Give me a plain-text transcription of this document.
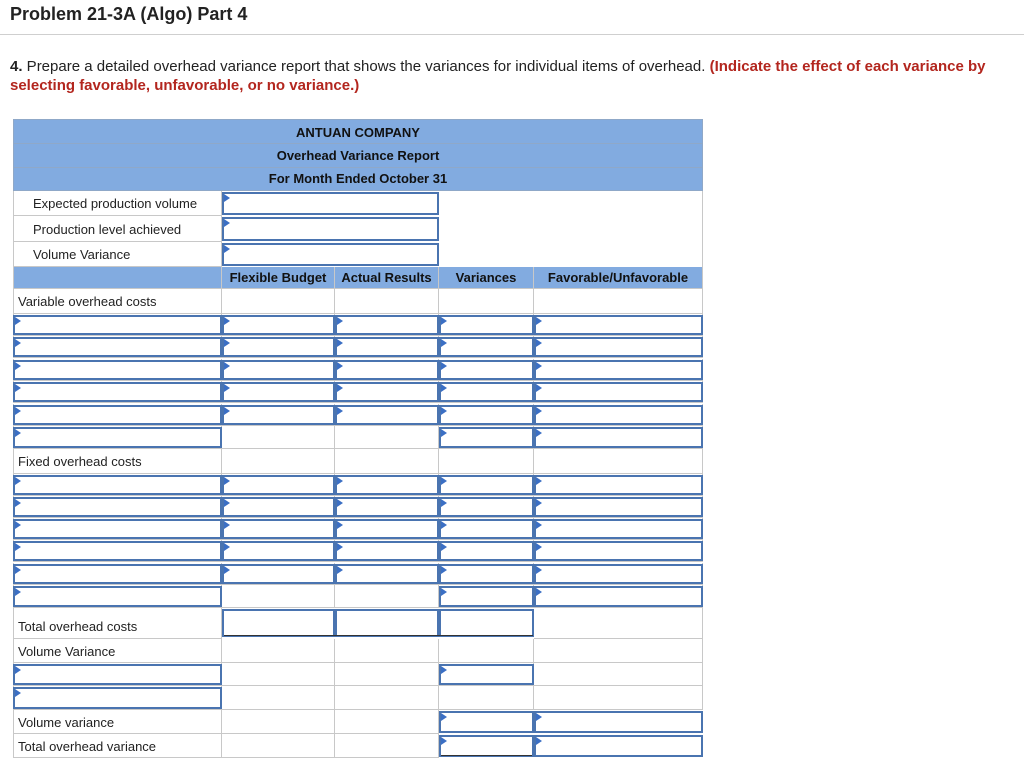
Problem 21-3A (Algo) Part 4
4. Prepare a detailed overhead variance report that shows the variances for individual items of overhead. (Indicate the effect of each variance by selecting favorable, unfavorable, or no variance.)
ANTUAN COMPANY
Overhead Variance Report
For Month Ended October 31
Expected production volume
Production level achieved
Volume Variance
Flexible Budget	Actual Results	Variances	Favorable/Unfavorable
Variable overhead costs
Fixed overhead costs
Total overhead costs
Volume Variance
Volume variance
Total overhead variance
